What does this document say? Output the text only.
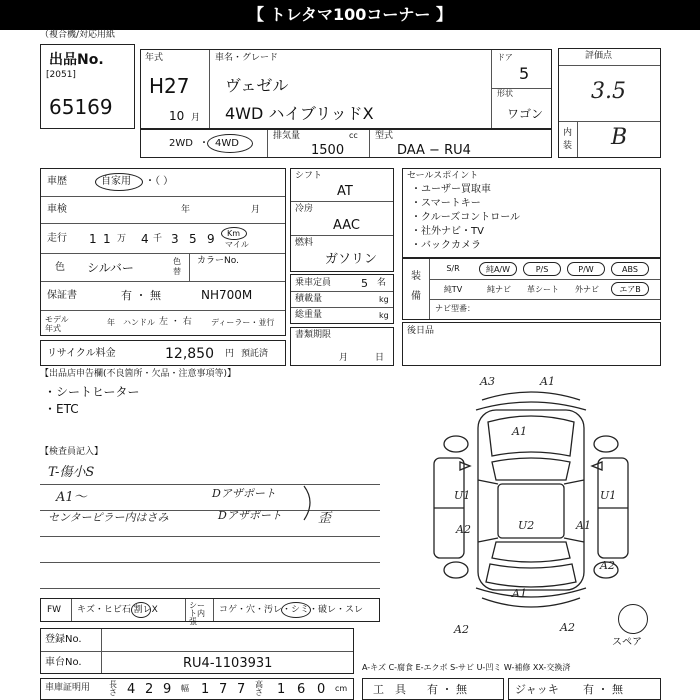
【 トレタマ100コーナー 】
（複合機/対応用紙
出品No.
[2051]
65169
年式
H27
10 月
車名・グレード
ヴェゼル
4WD ハイブリッドX
ドア
5
形状
ワゴン
評価点
3.5
内装 B
2WD ・ 4WD
排気量	cc
1500
型式
DAA − RU4
車歴	自家用 ・（ ）
車検	年	月
走行 1 1 万 4 千 3 5 9 Km
マイル
色 シルバー	色替
カラーNo.
保証書	有 ・ 無	NH700M
モデル年式
年 ハンドル 左 ・ 右 ディーラー・並行
リサイクル料金	12,850 円 預託済
シフト
AT
冷房
AAC
燃料
ガソリン
乗車定員	5 名
積載量	kg
総重量	kg
書類期限
月	日
セールスポイント
・ユーザー買取車
・スマートキー
・クルーズコントロール
・社外ナビ・TV
・バックカメラ
装備
S/R	純A/W	P/S	P/W	ABS
純TV	純ナビ	革シート	外ナビ	エアB
ナビ型番：
後日品
【出品店申告欄(不良箇所・欠品・注意事項等)】
・シートヒーター
・ETC
【検査員記入】
T-傷小S
A1〜
センターピラー内はさみ
Dアザポート
Dアザポート	歪
A3	A1
A1
U1	U1
A2	U2	A1
A1
A2	A2
A2
スペア
FW キズ・ヒビ石 割レX	シート内張
コゲ・穴・汚レ・シミ・破レ・スレ
登録No.
車台No.	RU4-1103931	A-キズ C-腐食 E-エクボ S-サビ U-凹ミ W-補修 XX-交換済
車庫証明用 長さ 4 2 9 幅 1 7 7 高さ 1 6 0 cm 工　具 有 ・ 無	ジャッキ 有 ・ 無
